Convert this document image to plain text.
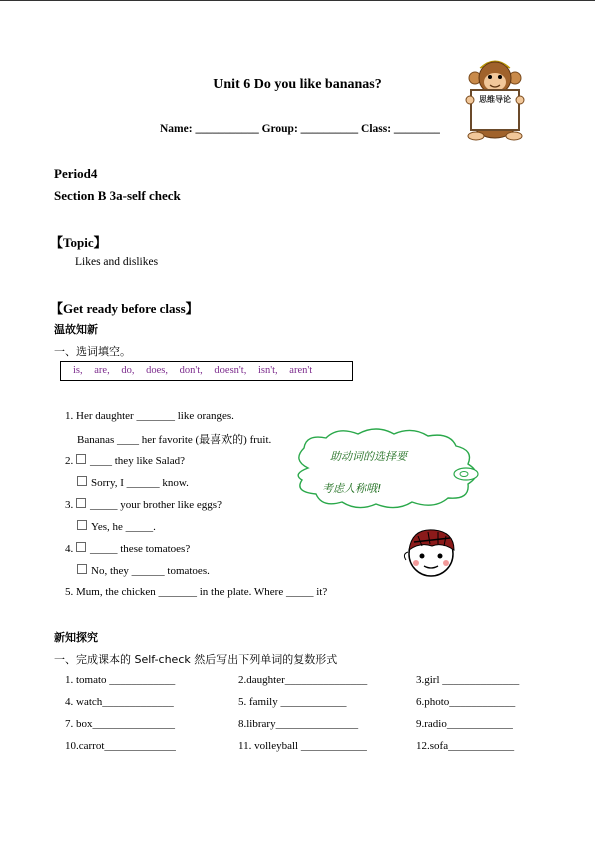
Unit 6 Do you like bananas?
Name: ___________ Group: __________ Class: ________
思维导论
Period4
Section B 3a-self check
【Topic】
Likes and dislikes
【Get ready before class】
温故知新
一、选词填空。
is, are, do, does, don't, doesn't, isn't, aren't
1. Her daughter _______ like oranges.
Bananas ____ her favorite (最喜欢的) fruit.
2. ____ they like Salad?
Sorry, I ______ know.
3. _____ your brother like eggs?
Yes, he _____.
4. _____ these tomatoes?
No, they ______ tomatoes.
5. Mum, the chicken _______ in the plate. Where _____ it?
助动词的选择要
考虑人称哦!
新知探究
一、完成课本的 Self-check 然后写出下列单词的复数形式
1. tomato ____________	2.daughter_______________	3.girl ______________
4. watch_____________	5. family ____________	6.photo____________
7. box_______________	8.library_______________	9.radio____________
10.carrot_____________	11. volleyball ____________	12.sofa____________
